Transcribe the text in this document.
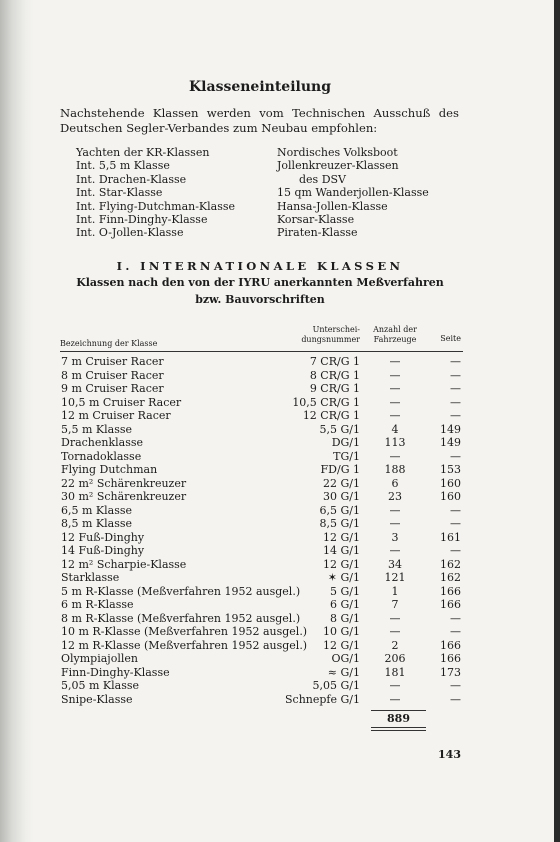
Klasseneinteilung
Nachstehende Klassen werden vom Technischen Ausschuß des
Deutschen Segler-Verbandes zum Neubau empfohlen:
Yachten der KR-Klassen
Int. 5,5 m Klasse
Int. Drachen-Klasse
Int. Star-Klasse
Int. Flying-Dutchman-Klasse
Int. Finn-Dinghy-Klasse
Int. O-Jollen-Klasse
Nordisches Volksboot
Jollenkreuzer-Klassen
des DSV
15 qm Wanderjollen-Klasse
Hansa-Jollen-Klasse
Korsar-Klasse
Piraten-Klasse
I. INTERNATIONALE KLASSEN
Klassen nach den von der IYRU anerkannten Meßverfahren
bzw. Bauvorschriften
Bezeichnung der Klasse
Unterschei-
dungsnummer
Anzahl der
Fahrzeuge	Seite
7 m Cruiser Racer	7 CR/G 1	—	—
8 m Cruiser Racer	8 CR/G 1	—	—
9 m Cruiser Racer	9 CR/G 1	—	—
10,5 m Cruiser Racer	10,5 CR/G 1	—	—
12 m Cruiser Racer	12 CR/G 1	—	—
5,5 m Klasse	5,5 G/1	4	149
Drachenklasse	DG/1	113	149
Tornadoklasse	TG/1	—	—
Flying Dutchman	FD/G 1	188	153
22 m² Schärenkreuzer	22 G/1	6	160
30 m² Schärenkreuzer	30 G/1	23	160
6,5 m Klasse	6,5 G/1	—	—
8,5 m Klasse	8,5 G/1	—	—
12 Fuß-Dinghy	12 G/1	3	161
14 Fuß-Dinghy	14 G/1	—	—
12 m² Scharpie-Klasse	12 G/1	34	162
Starklasse	✶ G/1	121	162
5 m R-Klasse (Meßverfahren 1952 ausgel.)	5 G/1	1	166
6 m R-Klasse	6 G/1	7	166
8 m R-Klasse (Meßverfahren 1952 ausgel.)	8 G/1	—	—
10 m R-Klasse (Meßverfahren 1952 ausgel.)	10 G/1	—	—
12 m R-Klasse (Meßverfahren 1952 ausgel.)	12 G/1	2	166
Olympiajollen	OG/1	206	166
Finn-Dinghy-Klasse	≈ G/1	181	173
5,05 m Klasse	5,05 G/1	—	—
Snipe-Klasse	Schnepfe G/1	—	—
889
143
